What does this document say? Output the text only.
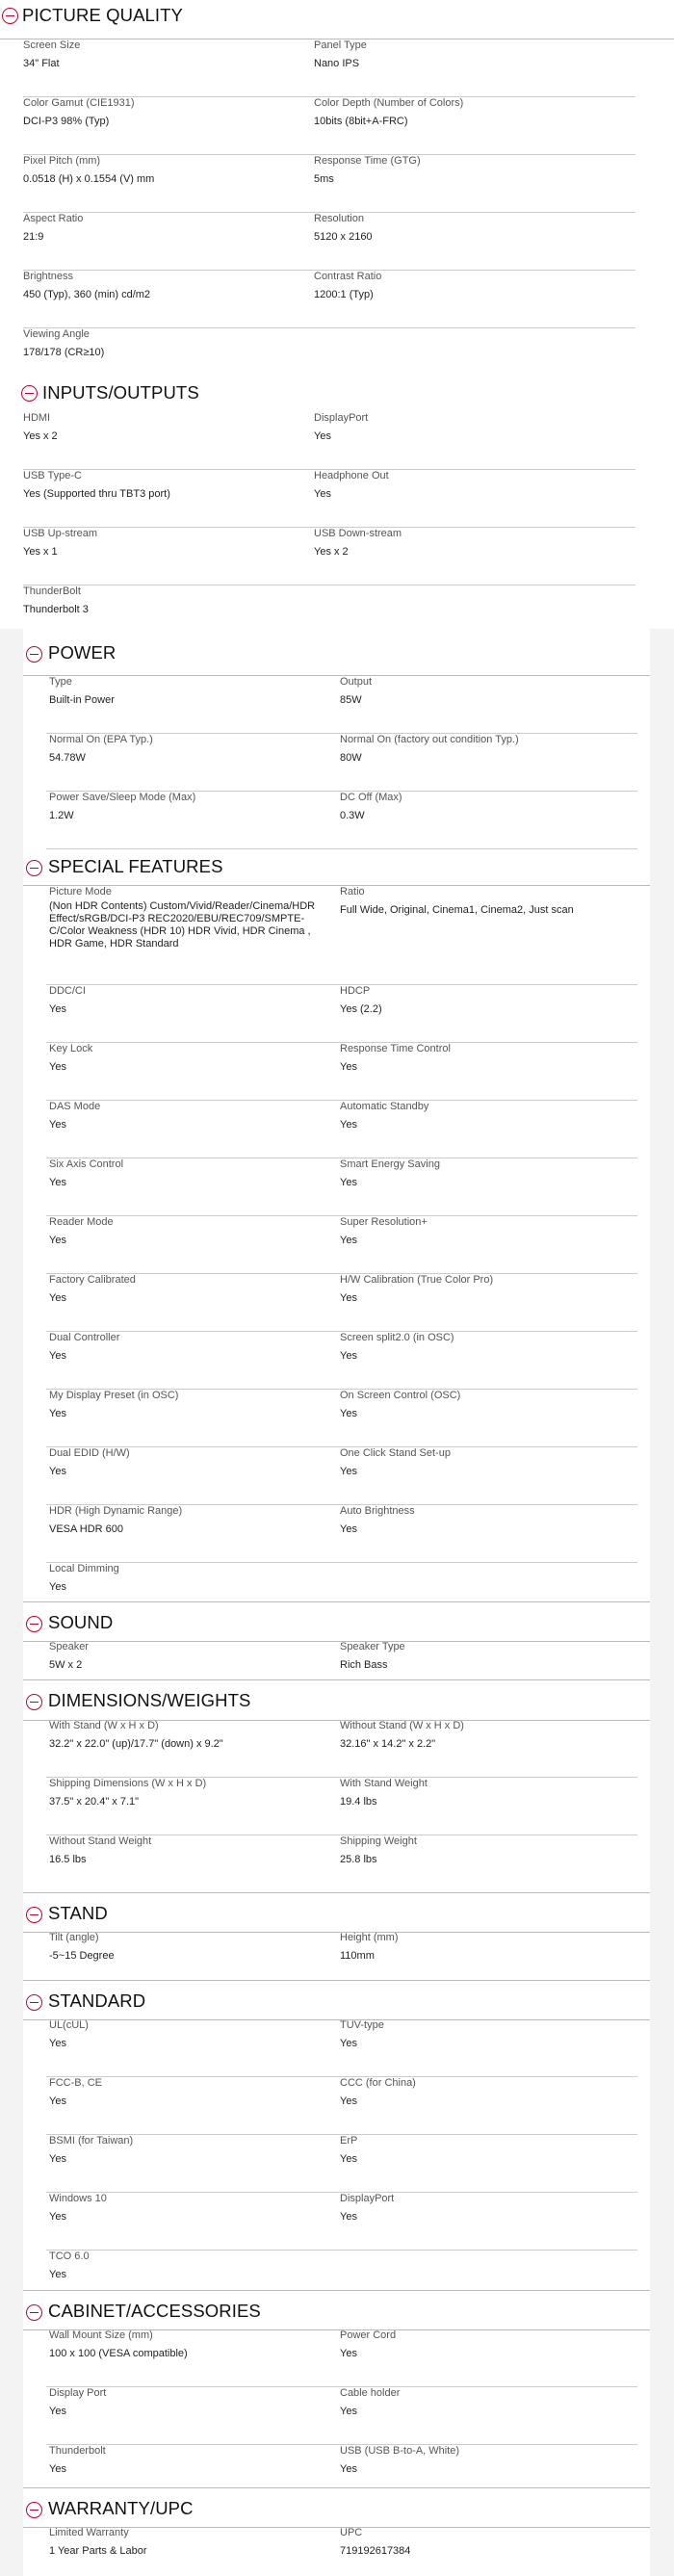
PICTURE QUALITY
Screen Size
34" Flat
Panel Type
Nano IPS
Color Gamut (CIE1931)
DCI-P3 98% (Typ)
Color Depth (Number of Colors)
10bits (8bit+A-FRC)
Pixel Pitch (mm)
0.0518 (H) x 0.1554 (V) mm
Response Time (GTG)
5ms
Aspect Ratio
21:9
Resolution
5120 x 2160
Brightness
450 (Typ), 360 (min) cd/m2
Contrast Ratio
1200:1 (Typ)
Viewing Angle
178/178 (CR≥10)
INPUTS/OUTPUTS
HDMI
Yes x 2
DisplayPort
Yes
USB Type-C
Yes (Supported thru TBT3 port)
Headphone Out
Yes
USB Up-stream
Yes x 1
USB Down-stream
Yes x 2
ThunderBolt
Thunderbolt 3
POWER
Type
Built-in Power
Output
85W
Normal On (EPA Typ.)
54.78W
Normal On (factory out condition Typ.)
80W
Power Save/Sleep Mode (Max)
1.2W
DC Off (Max)
0.3W
SPECIAL FEATURES
Picture Mode
(Non HDR Contents) Custom/Vivid/Reader/Cinema/HDR Effect/sRGB/DCI-P3 REC2020/EBU/REC709/SMPTE-C/Color Weakness (HDR 10) HDR Vivid, HDR Cinema , HDR Game, HDR Standard
Ratio
Full Wide, Original, Cinema1, Cinema2, Just scan
DDC/CI
Yes
HDCP
Yes (2.2)
Key Lock
Yes
Response Time Control
Yes
DAS Mode
Yes
Automatic Standby
Yes
Six Axis Control
Yes
Smart Energy Saving
Yes
Reader Mode
Yes
Super Resolution+
Yes
Factory Calibrated
Yes
H/W Calibration (True Color Pro)
Yes
Dual Controller
Yes
Screen split2.0 (in OSC)
Yes
My Display Preset (in OSC)
Yes
On Screen Control (OSC)
Yes
Dual EDID (H/W)
Yes
One Click Stand Set-up
Yes
HDR (High Dynamic Range)
VESA HDR 600
Auto Brightness
Yes
Local Dimming
Yes
SOUND
Speaker
5W x 2
Speaker Type
Rich Bass
DIMENSIONS/WEIGHTS
With Stand (W x H x D)
32.2" x 22.0" (up)/17.7" (down) x 9.2"
Without Stand (W x H x D)
32.16" x 14.2" x 2.2"
Shipping Dimensions (W x H x D)
37.5" x 20.4" x 7.1"
With Stand Weight
19.4 lbs
Without Stand Weight
16.5 lbs
Shipping Weight
25.8 lbs
STAND
Tilt (angle)
-5~15 Degree
Height (mm)
110mm
STANDARD
UL(cUL)
Yes
TUV-type
Yes
FCC-B, CE
Yes
CCC (for China)
Yes
BSMI (for Taiwan)
Yes
ErP
Yes
Windows 10
Yes
DisplayPort
Yes
TCO 6.0
Yes
CABINET/ACCESSORIES
Wall Mount Size (mm)
100 x 100 (VESA compatible)
Power Cord
Yes
Display Port
Yes
Cable holder
Yes
Thunderbolt
Yes
USB (USB B-to-A, White)
Yes
WARRANTY/UPC
Limited Warranty
1 Year Parts & Labor
UPC
719192617384
